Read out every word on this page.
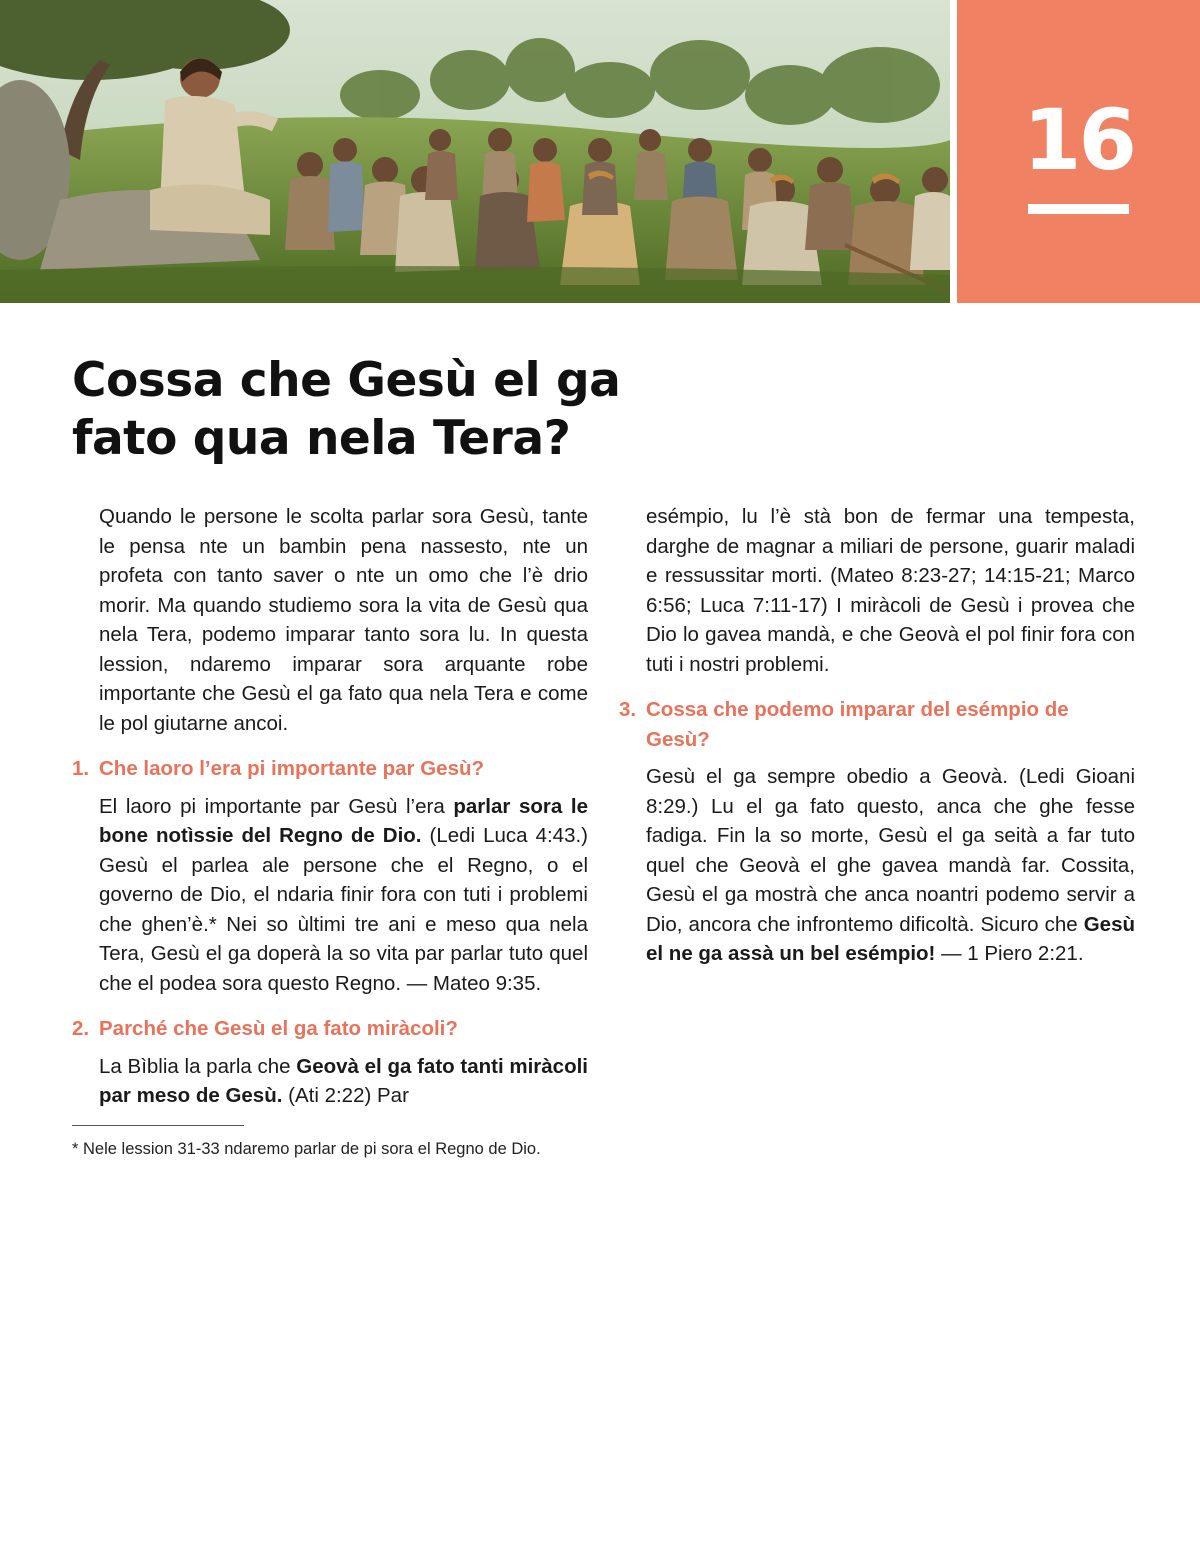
16
Cossa che Gesù el ga
fato qua nela Tera?

Quando le persone le scolta parlar sora Gesù, tante le pensa nte un bambin pena nassesto, nte un profeta con tanto saver o nte un omo che l’è drio morir. Ma quando studiemo sora la vita de Gesù qua nela Tera, podemo imparar tanto sora lu. In questa lession, ndaremo imparar sora arquante robe importante che Gesù el ga fato qua nela Tera e come le pol giutarne ancoi.

1. Che laoro l’era pi importante par Gesù?

El laoro pi importante par Gesù l’era parlar sora le bone notìssie del Regno de Dio. (Ledi Luca 4:43.) Gesù el parlea ale persone che el Regno, o el governo de Dio, el ndaria finir fora con tuti i problemi che ghen’è.* Nei so ùltimi tre ani e meso qua nela Tera, Gesù el ga doperà la so vita par parlar tuto quel che el podea sora questo Regno. — Mateo 9:35.

2. Parché che Gesù el ga fato miràcoli?

La Bìblia la parla che Geovà el ga fato tanti miràcoli par meso de Gesù. (Ati 2:22) Par

* Nele lession 31-33 ndaremo parlar de pi sora el Regno de Dio.

esémpio, lu l’è stà bon de fermar una tempesta, darghe de magnar a miliari de persone, guarir maladi e ressussitar morti. (Mateo 8:23-27; 14:15-21; Marco 6:56; Luca 7:11-17) I miràcoli de Gesù i provea che Dio lo gavea mandà, e che Geovà el pol finir fora con tuti i nostri problemi.

3. Cossa che podemo imparar del esémpio de Gesù?

Gesù el ga sempre obedio a Geovà. (Ledi Gioani 8:29.) Lu el ga fato questo, anca che ghe fesse fadiga. Fin la so morte, Gesù el ga seità a far tuto quel che Geovà el ghe gavea mandà far. Cossita, Gesù el ga mostrà che anca noantri podemo servir a Dio, ancora che infrontemo dificoltà. Sicuro che Gesù el ne ga assà un bel esémpio! — 1 Piero 2:21.
